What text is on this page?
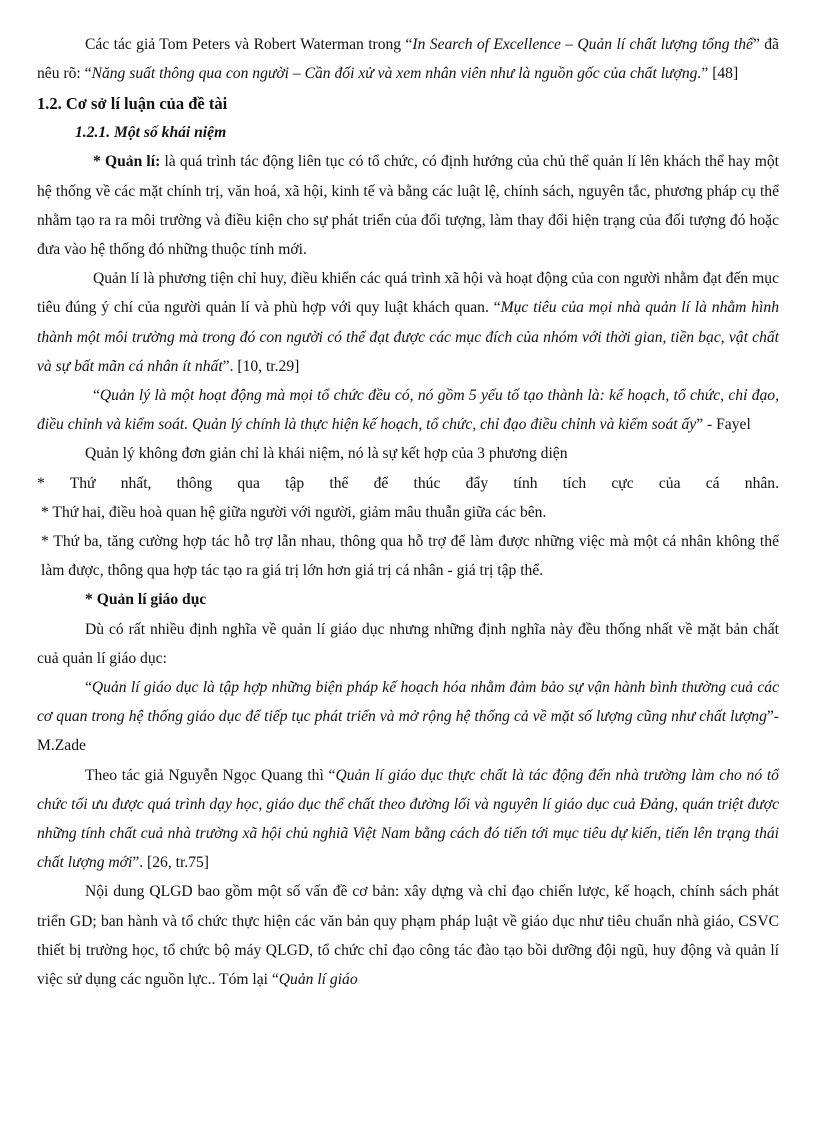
Các tác giả Tom Peters và Robert Waterman trong “In Search of Excellence – Quản lí chất lượng tổng thể” đã nêu rõ: “Năng suất thông qua con người – Cần đối xử và xem nhân viên như là nguồn gốc của chất lượng.” [48]

1.2. Cơ sở lí luận của đề tài
1.2.1. Một số khái niệm

* Quản lí: là quá trình tác động liên tục có tổ chức, có định hướng của chủ thể quản lí lên khách thể hay một hệ thống về các mặt chính trị, văn hoá, xã hội, kinh tế và bằng các luật lệ, chính sách, nguyên tắc, phương pháp cụ thể nhằm tạo ra ra môi trường và điều kiện cho sự phát triển của đối tượng, làm thay đổi hiện trạng của đối tượng đó hoặc đưa vào hệ thống đó những thuộc tính mới.

Quản lí là phương tiện chỉ huy, điều khiển các quá trình xã hội và hoạt động của con người nhằm đạt đến mục tiêu đúng ý chí của người quản lí và phù hợp với quy luật khách quan. “Mục tiêu của mọi nhà quản lí là nhằm hình thành một môi trường mà trong đó con người có thể đạt được các mục đích của nhóm với thời gian, tiền bạc, vật chất và sự bất mãn cá nhân ít nhất”. [10, tr.29]

“Quản lý là một hoạt động mà mọi tổ chức đều có, nó gồm 5 yếu tố tạo thành là: kế hoạch, tổ chức, chỉ đạo, điều chỉnh và kiểm soát. Quản lý chính là thực hiện kế hoạch, tổ chức, chỉ đạo điều chỉnh và kiểm soát ấy” - Fayel

Quản lý không đơn giản chỉ là khái niệm, nó là sự kết hợp của 3 phương diện

* Thứ nhất, thông qua tập thể để thúc đẩy tính tích cực của cá nhân.

* Thứ hai, điều hoà quan hệ giữa người với người, giảm mâu thuẫn giữa các bên.

* Thứ ba, tăng cường hợp tác hỗ trợ lẫn nhau, thông qua hỗ trợ để làm được những việc mà một cá nhân không thể làm được, thông qua hợp tác tạo ra giá trị lớn hơn giá trị cá nhân - giá trị tập thể.

* Quản lí giáo dục

Dù có rất nhiều định nghĩa về quản lí giáo dục nhưng những định nghĩa này đều thống nhất về mặt bản chất cuả quản lí giáo dục:

“Quản lí giáo dục là tập hợp những biện pháp kế hoạch hóa nhằm đảm bảo sự vận hành bình thường cuả các cơ quan trong hệ thống giáo dục để tiếp tục phát triển và mở rộng hệ thống cả về mặt số lượng cũng như chất lượng”- M.Zade

Theo tác giả Nguyễn Ngọc Quang thì “Quản lí giáo dục thực chất là tác động đến nhà trường làm cho nó tổ chức tối ưu được quá trình dạy học, giáo dục thể chất theo đường lối và nguyên lí giáo dục cuả Đảng, quán triệt được những tính chất cuả nhà trường xã hội chủ nghiã Việt Nam bằng cách đó tiến tới mục tiêu dự kiến, tiến lên trạng thái chất lượng mới”. [26, tr.75]

Nội dung QLGD bao gồm một số vấn đề cơ bản: xây dựng và chỉ đạo chiến lược, kế hoạch, chính sách phát triển GD; ban hành và tổ chức thực hiện các văn bản quy phạm pháp luật về giáo dục như tiêu chuẩn nhà giáo, CSVC thiết bị trường học, tổ chức bộ máy QLGD, tổ chức chỉ đạo công tác đào tạo bồi dưỡng đội ngũ, huy động và quản lí việc sử dụng các nguồn lực.. Tóm lại “Quản lí giáo
